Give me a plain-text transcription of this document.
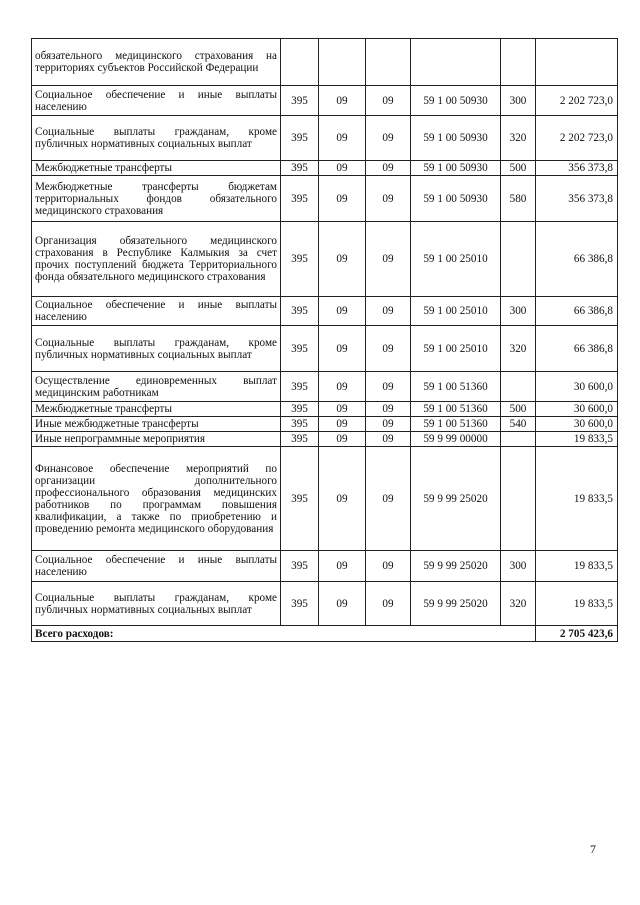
обязательного медицинского страхования на территориях субъектов Российской Федерации						
Социальное обеспечение и иные выплаты населению	395	09	09	59 1 00 50930	300	2 202 723,0
Социальные выплаты гражданам, кроме публичных нормативных социальных выплат	395	09	09	59 1 00 50930	320	2 202 723,0
Межбюджетные трансферты	395	09	09	59 1 00 50930	500	356 373,8
Межбюджетные трансферты бюджетам территориальных фондов обязательного медицинского страхования	395	09	09	59 1 00 50930	580	356 373,8
Организация обязательного медицинского страхования в Республике Калмыкия за счет прочих поступлений бюджета Территориального фонда обязательного медицинского страхования	395	09	09	59 1 00 25010		66 386,8
Социальное обеспечение и иные выплаты населению	395	09	09	59 1 00 25010	300	66 386,8
Социальные выплаты гражданам, кроме публичных нормативных социальных выплат	395	09	09	59 1 00 25010	320	66 386,8
Осуществление единовременных выплат медицинским работникам	395	09	09	59 1 00 51360		30 600,0
Межбюджетные трансферты	395	09	09	59 1 00 51360	500	30 600,0
Иные межбюджетные трансферты	395	09	09	59 1 00 51360	540	30 600,0
Иные непрограммные мероприятия	395	09	09	59 9 99 00000		19 833,5
Финансовое обеспечение мероприятий по организации дополнительного профессионального образования медицинских работников по программам повышения квалификации, а также по приобретению и проведению ремонта медицинского оборудования	395	09	09	59 9 99 25020		19 833,5
Социальное обеспечение и иные выплаты населению	395	09	09	59 9 99 25020	300	19 833,5
Социальные выплаты гражданам, кроме публичных нормативных социальных выплат	395	09	09	59 9 99 25020	320	19 833,5
Всего расходов:						2 705 423,6
7
